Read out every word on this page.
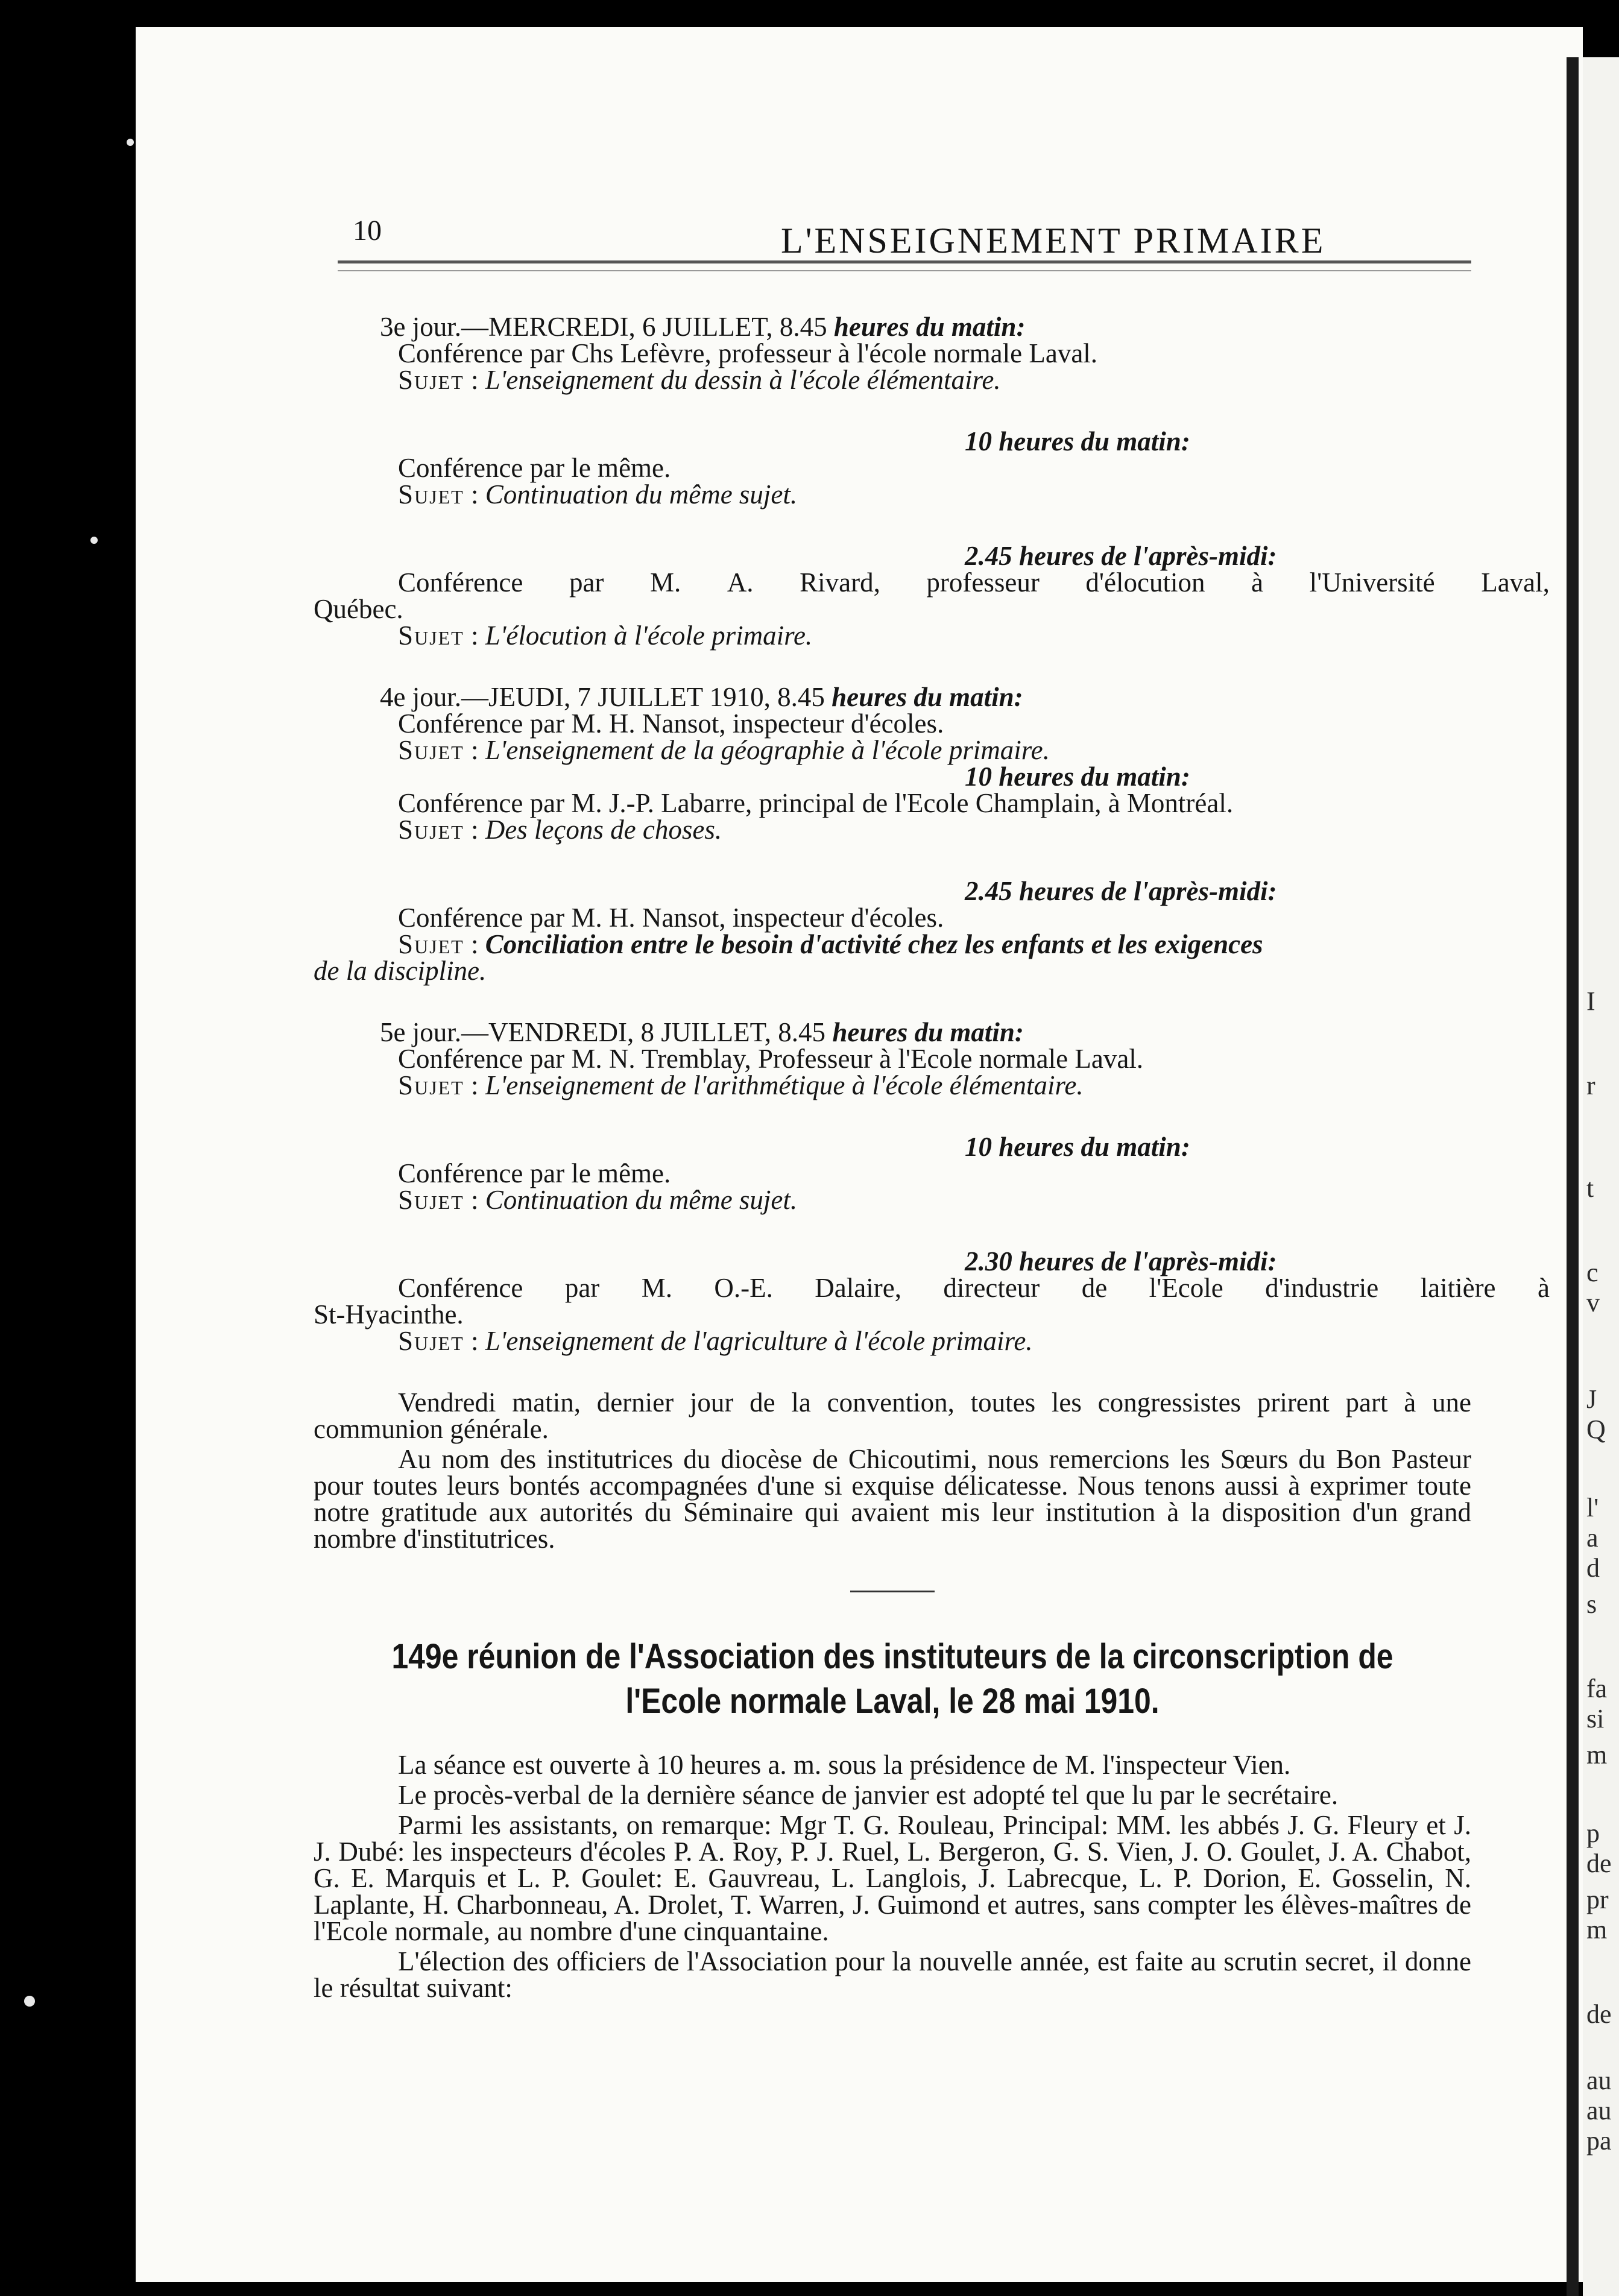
10	L'ENSEIGNEMENT PRIMAIRE
3e jour.—MERCREDI, 6 JUILLET, 8.45 heures du matin:
Conférence par Chs Lefèvre, professeur à l'école normale Laval.
Sujet : L'enseignement du dessin à l'école élémentaire.
10 heures du matin:
Conférence par le même.
Sujet : Continuation du même sujet.
2.45 heures de l'après-midi:
Conférence par M. A. Rivard, professeur d'élocution à l'Université Laval,
Québec.
Sujet : L'élocution à l'école primaire.
4e jour.—JEUDI, 7 JUILLET 1910, 8.45 heures du matin:
Conférence par M. H. Nansot, inspecteur d'écoles.
Sujet : L'enseignement de la géographie à l'école primaire.
10 heures du matin:
Conférence par M. J.-P. Labarre, principal de l'Ecole Champlain, à Montréal.
Sujet : Des leçons de choses.
2.45 heures de l'après-midi:
Conférence par M. H. Nansot, inspecteur d'écoles.
Sujet : Conciliation entre le besoin d'activité chez les enfants et les exigences
de la discipline.
5e jour.—VENDREDI, 8 JUILLET, 8.45 heures du matin:
Conférence par M. N. Tremblay, Professeur à l'Ecole normale Laval.
Sujet : L'enseignement de l'arithmétique à l'école élémentaire.
10 heures du matin:
Conférence par le même.
Sujet : Continuation du même sujet.
2.30 heures de l'après-midi:
Conférence par M. O.-E. Dalaire, directeur de l'Ecole d'industrie laitière à
St-Hyacinthe.
Sujet : L'enseignement de l'agriculture à l'école primaire.

Vendredi matin, dernier jour de la convention, toutes les congressistes prirent part à une communion générale.

Au nom des institutrices du diocèse de Chicoutimi, nous remercions les Sœurs du Bon Pasteur pour toutes leurs bontés accompagnées d'une si exquise délicatesse. Nous tenons aussi à exprimer toute notre gratitude aux autorités du Séminaire qui avaient mis leur institution à la disposition d'un grand nombre d'institutrices.

149e réunion de l'Association des instituteurs de la circonscription de
l'Ecole normale Laval, le 28 mai 1910.

La séance est ouverte à 10 heures a. m. sous la présidence de M. l'inspecteur Vien.

Le procès-verbal de la dernière séance de janvier est adopté tel que lu par le secrétaire.

Parmi les assistants, on remarque: Mgr T. G. Rouleau, Principal: MM. les abbés J. G. Fleury et J. J. Dubé: les inspecteurs d'écoles P. A. Roy, P. J. Ruel, L. Bergeron, G. S. Vien, J. O. Goulet, J. A. Chabot, G. E. Marquis et L. P. Goulet: E. Gauvreau, L. Langlois, J. Labrecque, L. P. Dorion, E. Gosselin, N. Laplante, H. Charbonneau, A. Drolet, T. Warren, J. Guimond et autres, sans compter les élèves-maîtres de l'Ecole normale, au nombre d'une cinquantaine.

L'élection des officiers de l'Association pour la nouvelle année, est faite au scrutin secret, il donne le résultat suivant:

I
r
t
c
v
J
Q
l'
a
d
s
fa
si
m
p
de
pr
m
de
au
au
pa
